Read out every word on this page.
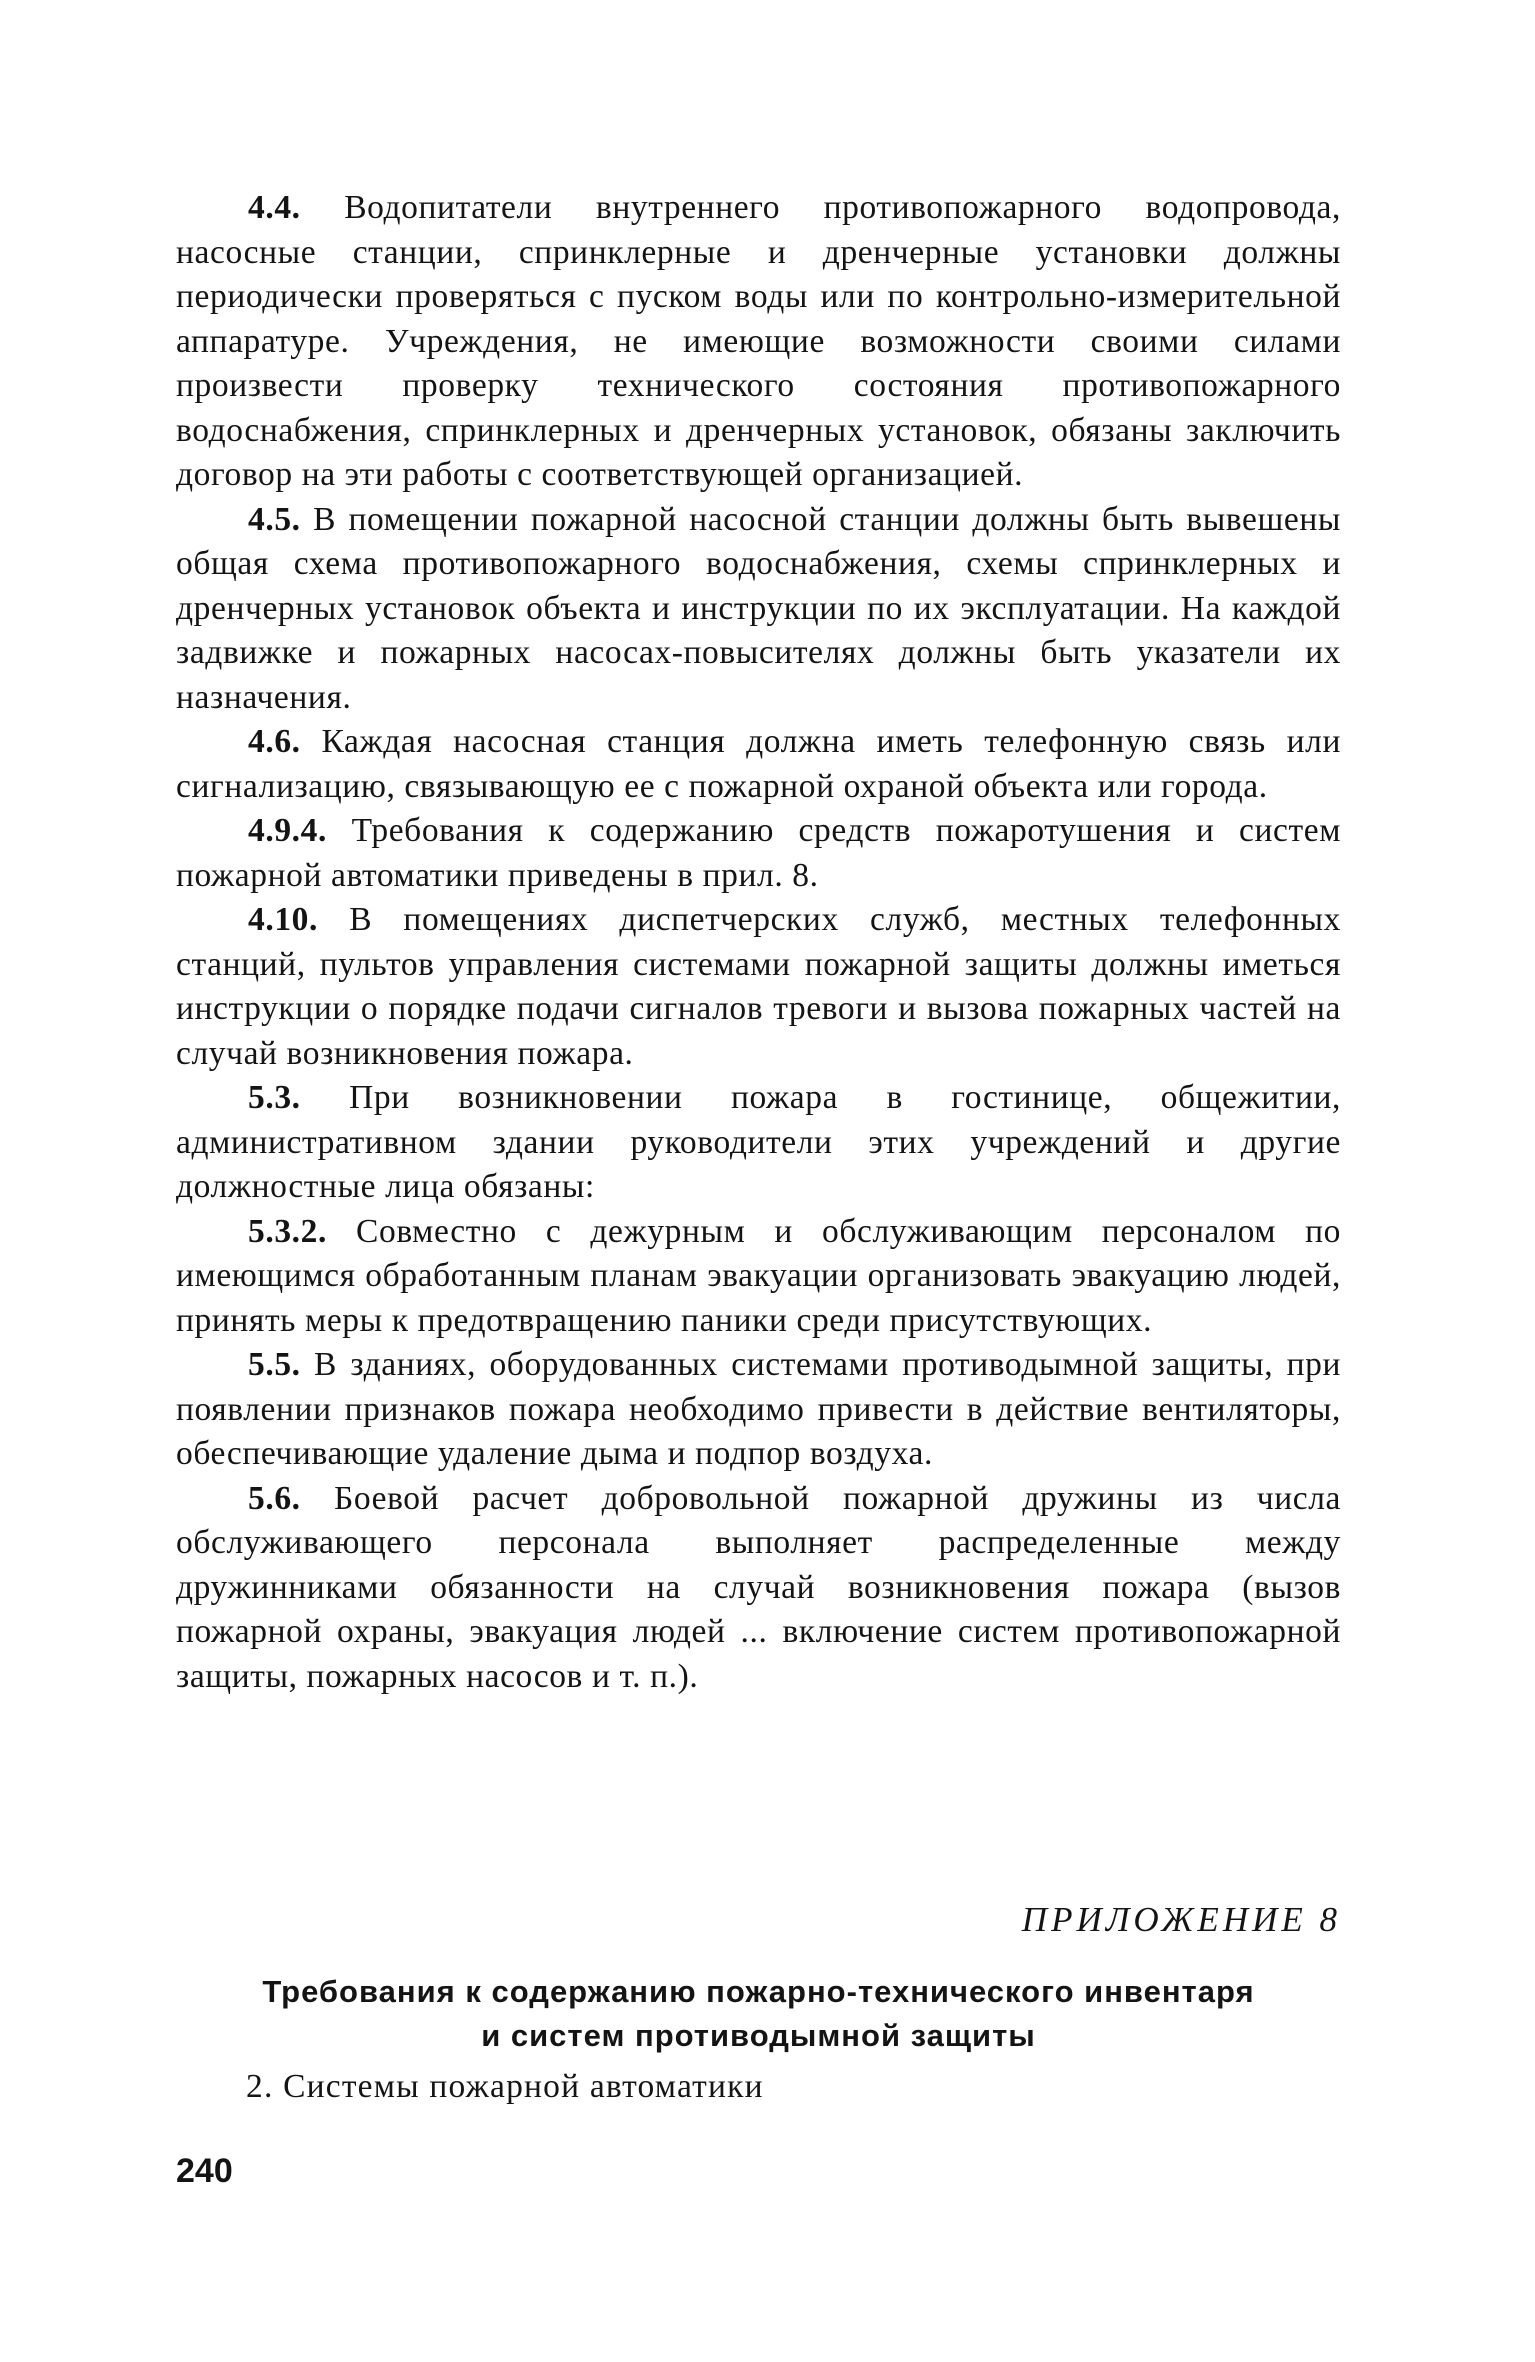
4.4. Водопитатели внутреннего противопожарного водопровода, насосные станции, спринклерные и дренчерные установки должны периодически проверяться с пуском воды или по контрольно-измерительной аппаратуре. Учреждения, не имеющие возможности своими силами произвести проверку технического состояния противопожарного водоснабжения, спринклерных и дренчерных установок, обязаны заключить договор на эти работы с соответствующей организацией.

4.5. В помещении пожарной насосной станции должны быть вывешены общая схема противопожарного водоснабжения, схемы спринклерных и дренчерных установок объекта и инструкции по их эксплуатации. На каждой задвижке и пожарных насосах-повысителях должны быть указатели их назначения.

4.6. Каждая насосная станция должна иметь телефонную связь или сигнализацию, связывающую ее с пожарной охраной объекта или города.

4.9.4. Требования к содержанию средств пожаротушения и систем пожарной автоматики приведены в прил. 8.

4.10. В помещениях диспетчерских служб, местных телефонных станций, пультов управления системами пожарной защиты должны иметься инструкции о порядке подачи сигналов тревоги и вызова пожарных частей на случай возникновения пожара.

5.3. При возникновении пожара в гостинице, общежитии, административном здании руководители этих учреждений и другие должностные лица обязаны:

5.3.2. Совместно с дежурным и обслуживающим персоналом по имеющимся обработанным планам эвакуации организовать эвакуацию людей, принять меры к предотвращению паники среди присутствующих.

5.5. В зданиях, оборудованных системами противодымной защиты, при появлении признаков пожара необходимо привести в действие вентиляторы, обеспечивающие удаление дыма и подпор воздуха.

5.6. Боевой расчет добровольной пожарной дружины из числа обслуживающего персонала выполняет распределенные между дружинниками обязанности на случай возникновения пожара (вызов пожарной охраны, эвакуация людей ... включение систем противопожарной защиты, пожарных насосов и т. п.).

ПРИЛОЖЕНИЕ 8
Требования к содержанию пожарно-технического инвентаря
и систем противодымной защиты
2. Системы пожарной автоматики
240
